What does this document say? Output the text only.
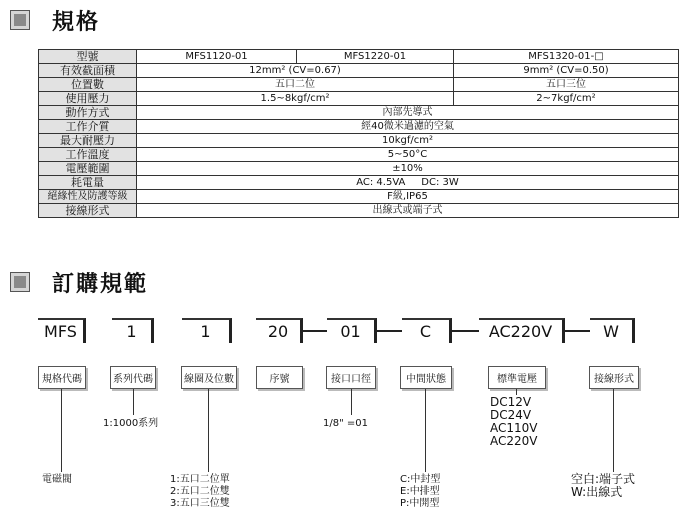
規格
型號	MFS1120-01	MFS1220-01	MFS1320-01-□
有效截面積	12mm² (CV=0.67)		9mm² (CV=0.50)
位置數	五口二位		五口三位
使用壓力	1.5~8kgf/cm²		2~7kgf/cm²
動作方式	內部先導式		
工作介質	經40微米過濾的空氣		
最大耐壓力	10kgf/cm²		
工作溫度	5~50°C		
電壓範圍	±10%		
耗電量	AC: 4.5VA     DC: 3W		
絕緣性及防護等級	F級,IP65		
接線形式	出線式或端子式		
訂購規範
MFS	1	1	20	01	C	AC220V	W
規格代碼	系列代碼	線圈及位數	序號	接口口徑	中間狀態	標準電壓	接線形式
電磁閥
1:1000系列
1:五口二位單
2:五口二位雙
3:五口三位雙
1/8" =01
C:中封型
E:中排型
P:中開型
DC12V
DC24V
AC110V
AC220V
空白:端子式
W:出線式
